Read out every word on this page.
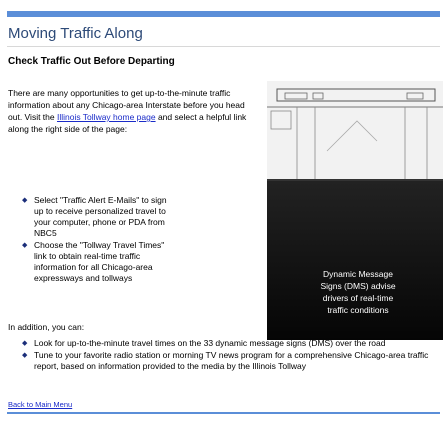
Moving Traffic Along
Check Traffic Out Before Departing

There are many opportunities to get up-to-the-minute traffic information about any Chicago-area Interstate before you head out. Visit the Illinois Tollway home page and select a helpful link along the right side of the page:

Dynamic Message
Signs (DMS) advise
drivers of real-time
traffic conditions
◆ Select "Traffic Alert E-Mails" to sign up to receive personalized travel to your computer, phone or PDA from NBC5
◆ Choose the "Tollway Travel Times" link to obtain real-time traffic information for all Chicago-area expressways and tollways

In addition, you can:

◆ Look for up-to-the-minute travel times on the 33 dynamic message signs (DMS) over the road
◆ Tune to your favorite radio station or morning TV news program for a comprehensive Chicago-area traffic report, based on information provided to the media by the Illinois Tollway
Back to Main Menu
